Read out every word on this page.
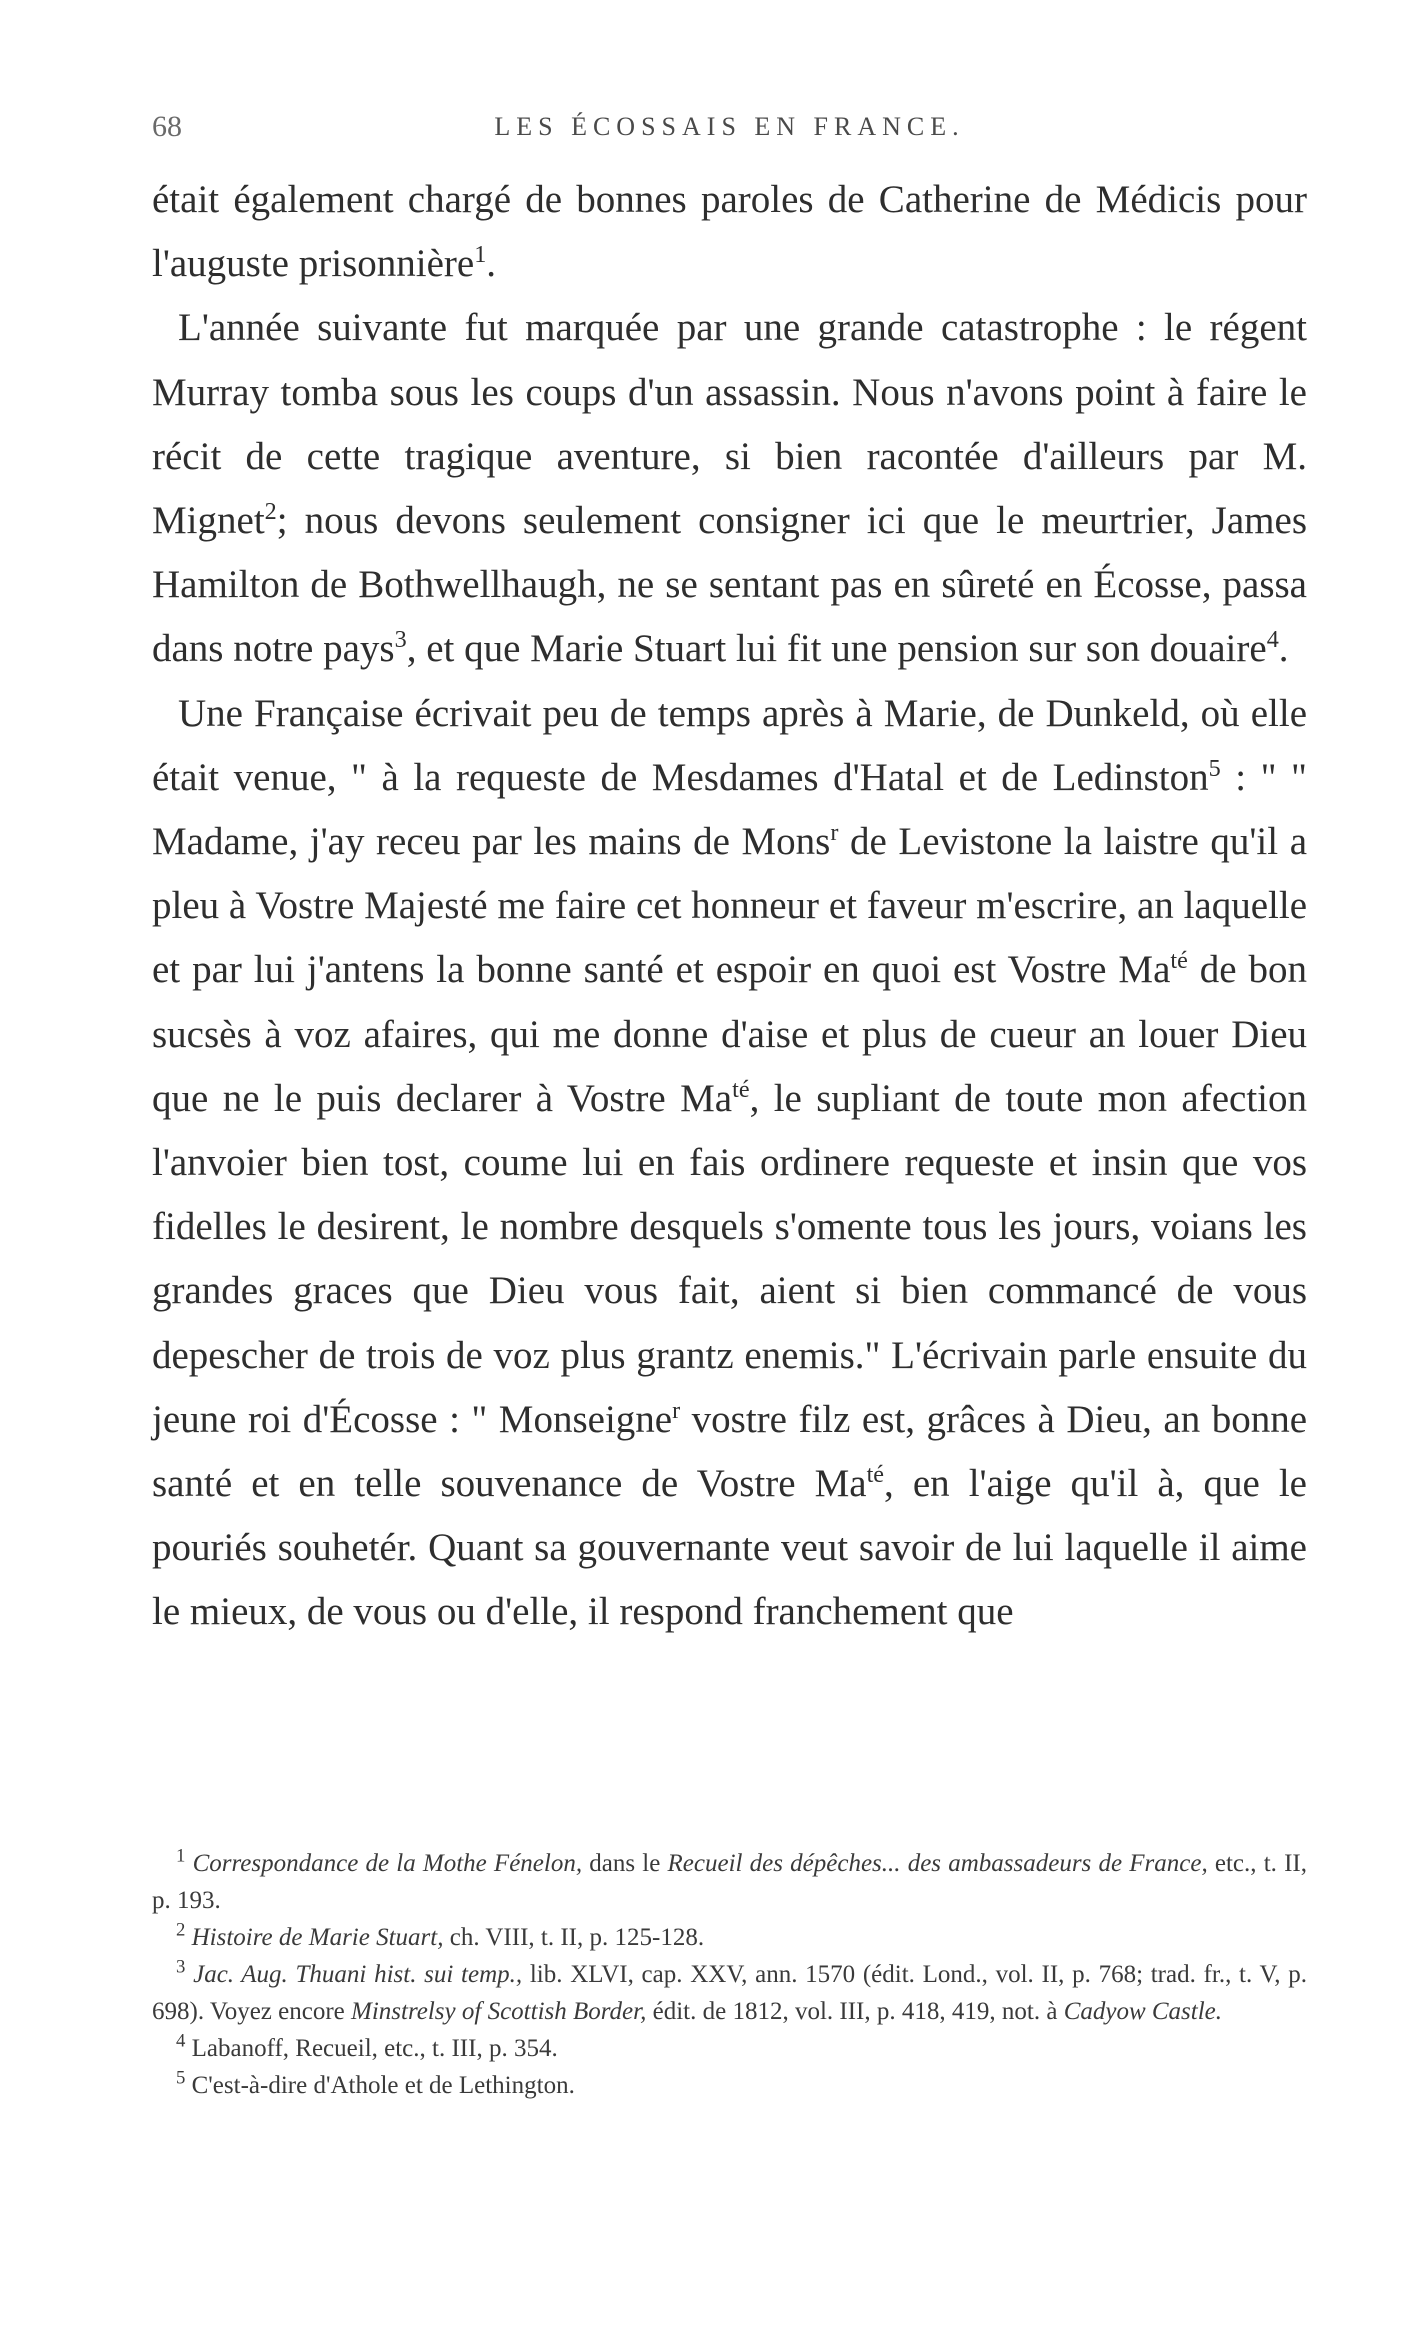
68	LES ÉCOSSAIS EN FRANCE.

était également chargé de bonnes paroles de Catherine de Médicis pour l'auguste prisonnière$^1$.

L'année suivante fut marquée par une grande catastrophe : le régent Murray tomba sous les coups d'un assassin. Nous n'avons point à faire le récit de cette tragique aventure, si bien racontée d'ailleurs par M. Mignet$^2$; nous devons seulement consigner ici que le meurtrier, James Hamilton de Bothwellhaugh, ne se sentant pas en sûreté en Écosse, passa dans notre pays$^3$, et que Marie Stuart lui fit une pension sur son douaire$^4$.

Une Française écrivait peu de temps après à Marie, de Dunkeld, où elle était venue, " à la requeste de Mesdames d'Hatal et de Ledinston$^5$ : " " Madame, j'ay receu par les mains de Mons$^r$ de Levistone la laistre qu'il a pleu à Vostre Majesté me faire cet honneur et faveur m'escrire, an laquelle et par lui j'antens la bonne santé et espoir en quoi est Vostre $Ma^{té}$ de bon sucsès à voz afaires, qui me donne d'aise et plus de cueur an louer Dieu que ne le puis declarer à Vostre $Ma^{té}$, le supliant de toute mon afection l'anvoier bien tost, coume lui en fais ordinere requeste et insin que vos fidelles le desirent, le nombre desquels s'omente tous les jours, voians les grandes graces que Dieu vous fait, aient si bien commancé de vous depescher de trois de voz plus grantz enemis." L'écrivain parle ensuite du jeune roi d'Écosse : " Monseigne$^r$ vostre filz est, grâces à Dieu, an bonne santé et en telle souvenance de Vostre $Ma^{té}$, en l'aige qu'il à, que le pouriés souhetér. Quant sa gouvernante veut savoir de lui laquelle il aime le mieux, de vous ou d'elle, il respond franchement que

$^1$ Correspondance de la Mothe Fénelon, dans le Recueil des dépêches... des ambassadeurs de France, etc., t. II, p. 193.

$^2$ Histoire de Marie Stuart, ch. VIII, t. II, p. 125-128.

$^3$ Jac. Aug. Thuani hist. sui temp., lib. XLVI, cap. XXV, ann. 1570 (édit. Lond., vol. II, p. 768; trad. fr., t. V, p. 698). Voyez encore Minstrelsy of Scottish Border, édit. de 1812, vol. III, p. 418, 419, not. à Cadyow Castle.

$^4$ Labanoff, Recueil, etc., t. III, p. 354.

$^5$ C'est-à-dire d'Athole et de Lethington.
